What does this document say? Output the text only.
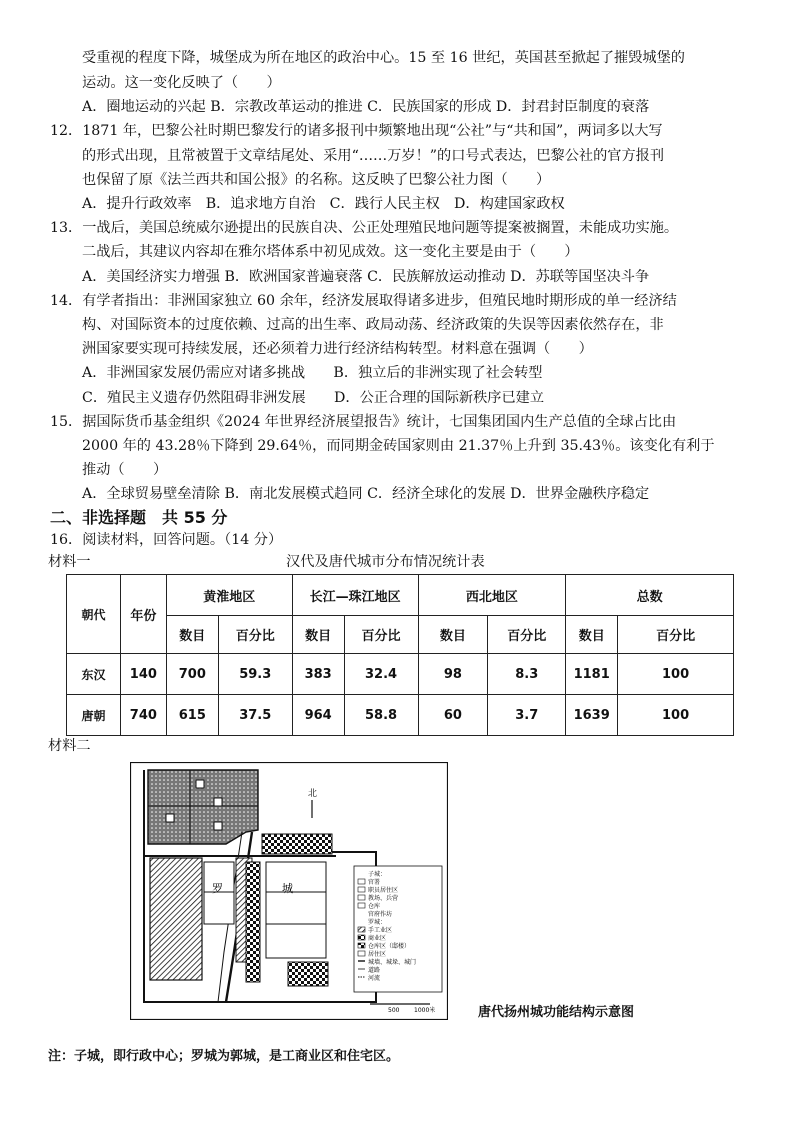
受重视的程度下降，城堡成为所在地区的政治中心。15 至 16 世纪，英国甚至掀起了摧毁城堡的
运动。这一变化反映了（　　）
A．圈地运动的兴起 B．宗教改革运动的推进 C．民族国家的形成 D．封君封臣制度的衰落
12．1871 年，巴黎公社时期巴黎发行的诸多报刊中频繁地出现“公社”与“共和国”，两词多以大写
的形式出现，且常被置于文章结尾处、采用“……万岁！”的口号式表达，巴黎公社的官方报刊
也保留了原《法兰西共和国公报》的名称。这反映了巴黎公社力图（　　）
A．提升行政效率　B．追求地方自治　C．践行人民主权　D．构建国家政权
13．一战后，美国总统威尔逊提出的民族自决、公正处理殖民地问题等提案被搁置，未能成功实施。
二战后，其建议内容却在雅尔塔体系中初见成效。这一变化主要是由于（　　）
A．美国经济实力增强 B．欧洲国家普遍衰落 C．民族解放运动推动 D．苏联等国坚决斗争
14．有学者指出：非洲国家独立 60 余年，经济发展取得诸多进步，但殖民地时期形成的单一经济结
构、对国际资本的过度依赖、过高的出生率、政局动荡、经济政策的失误等因素依然存在，非
洲国家要实现可持续发展，还必须着力进行经济结构转型。材料意在强调（　　）
A．非洲国家发展仍需应对诸多挑战　　B．独立后的非洲实现了社会转型
C．殖民主义遗存仍然阻碍非洲发展　　D．公正合理的国际新秩序已建立
15．据国际货币基金组织《2024 年世界经济展望报告》统计，七国集团国内生产总值的全球占比由
2000 年的 43.28％下降到 29.64％，而同期金砖国家则由 21.37％上升到 35.43％。该变化有利于
推动（　　）
A．全球贸易壁垒清除 B．南北发展模式趋同 C．经济全球化的发展 D．世界金融秩序稳定
二、非选择题　共 55 分
16．阅读材料，回答问题。（14 分）
材料一	汉代及唐代城市分布情况统计表
朝代	年份	黄淮地区		长江—珠江地区		西北地区		总数	
		数目	百分比	数目	百分比	数目	百分比	数目	百分比
东汉	140	700	59.3	383	32.4	98	8.3	1181	100
唐朝	740	615	37.5	964	58.8	60	3.7	1639	100
材料二
北
罗	城
子城：
官署
职员居住区
教场、兵营
仓库
官府作坊
罗城：
手工业区
商业区
仓库区（邸楼）
居住区
城墙、城垛、城门
道路
河流
500 1000米	唐代扬州城功能结构示意图
注：子城，即行政中心；罗城为郭城，是工商业区和住宅区。
